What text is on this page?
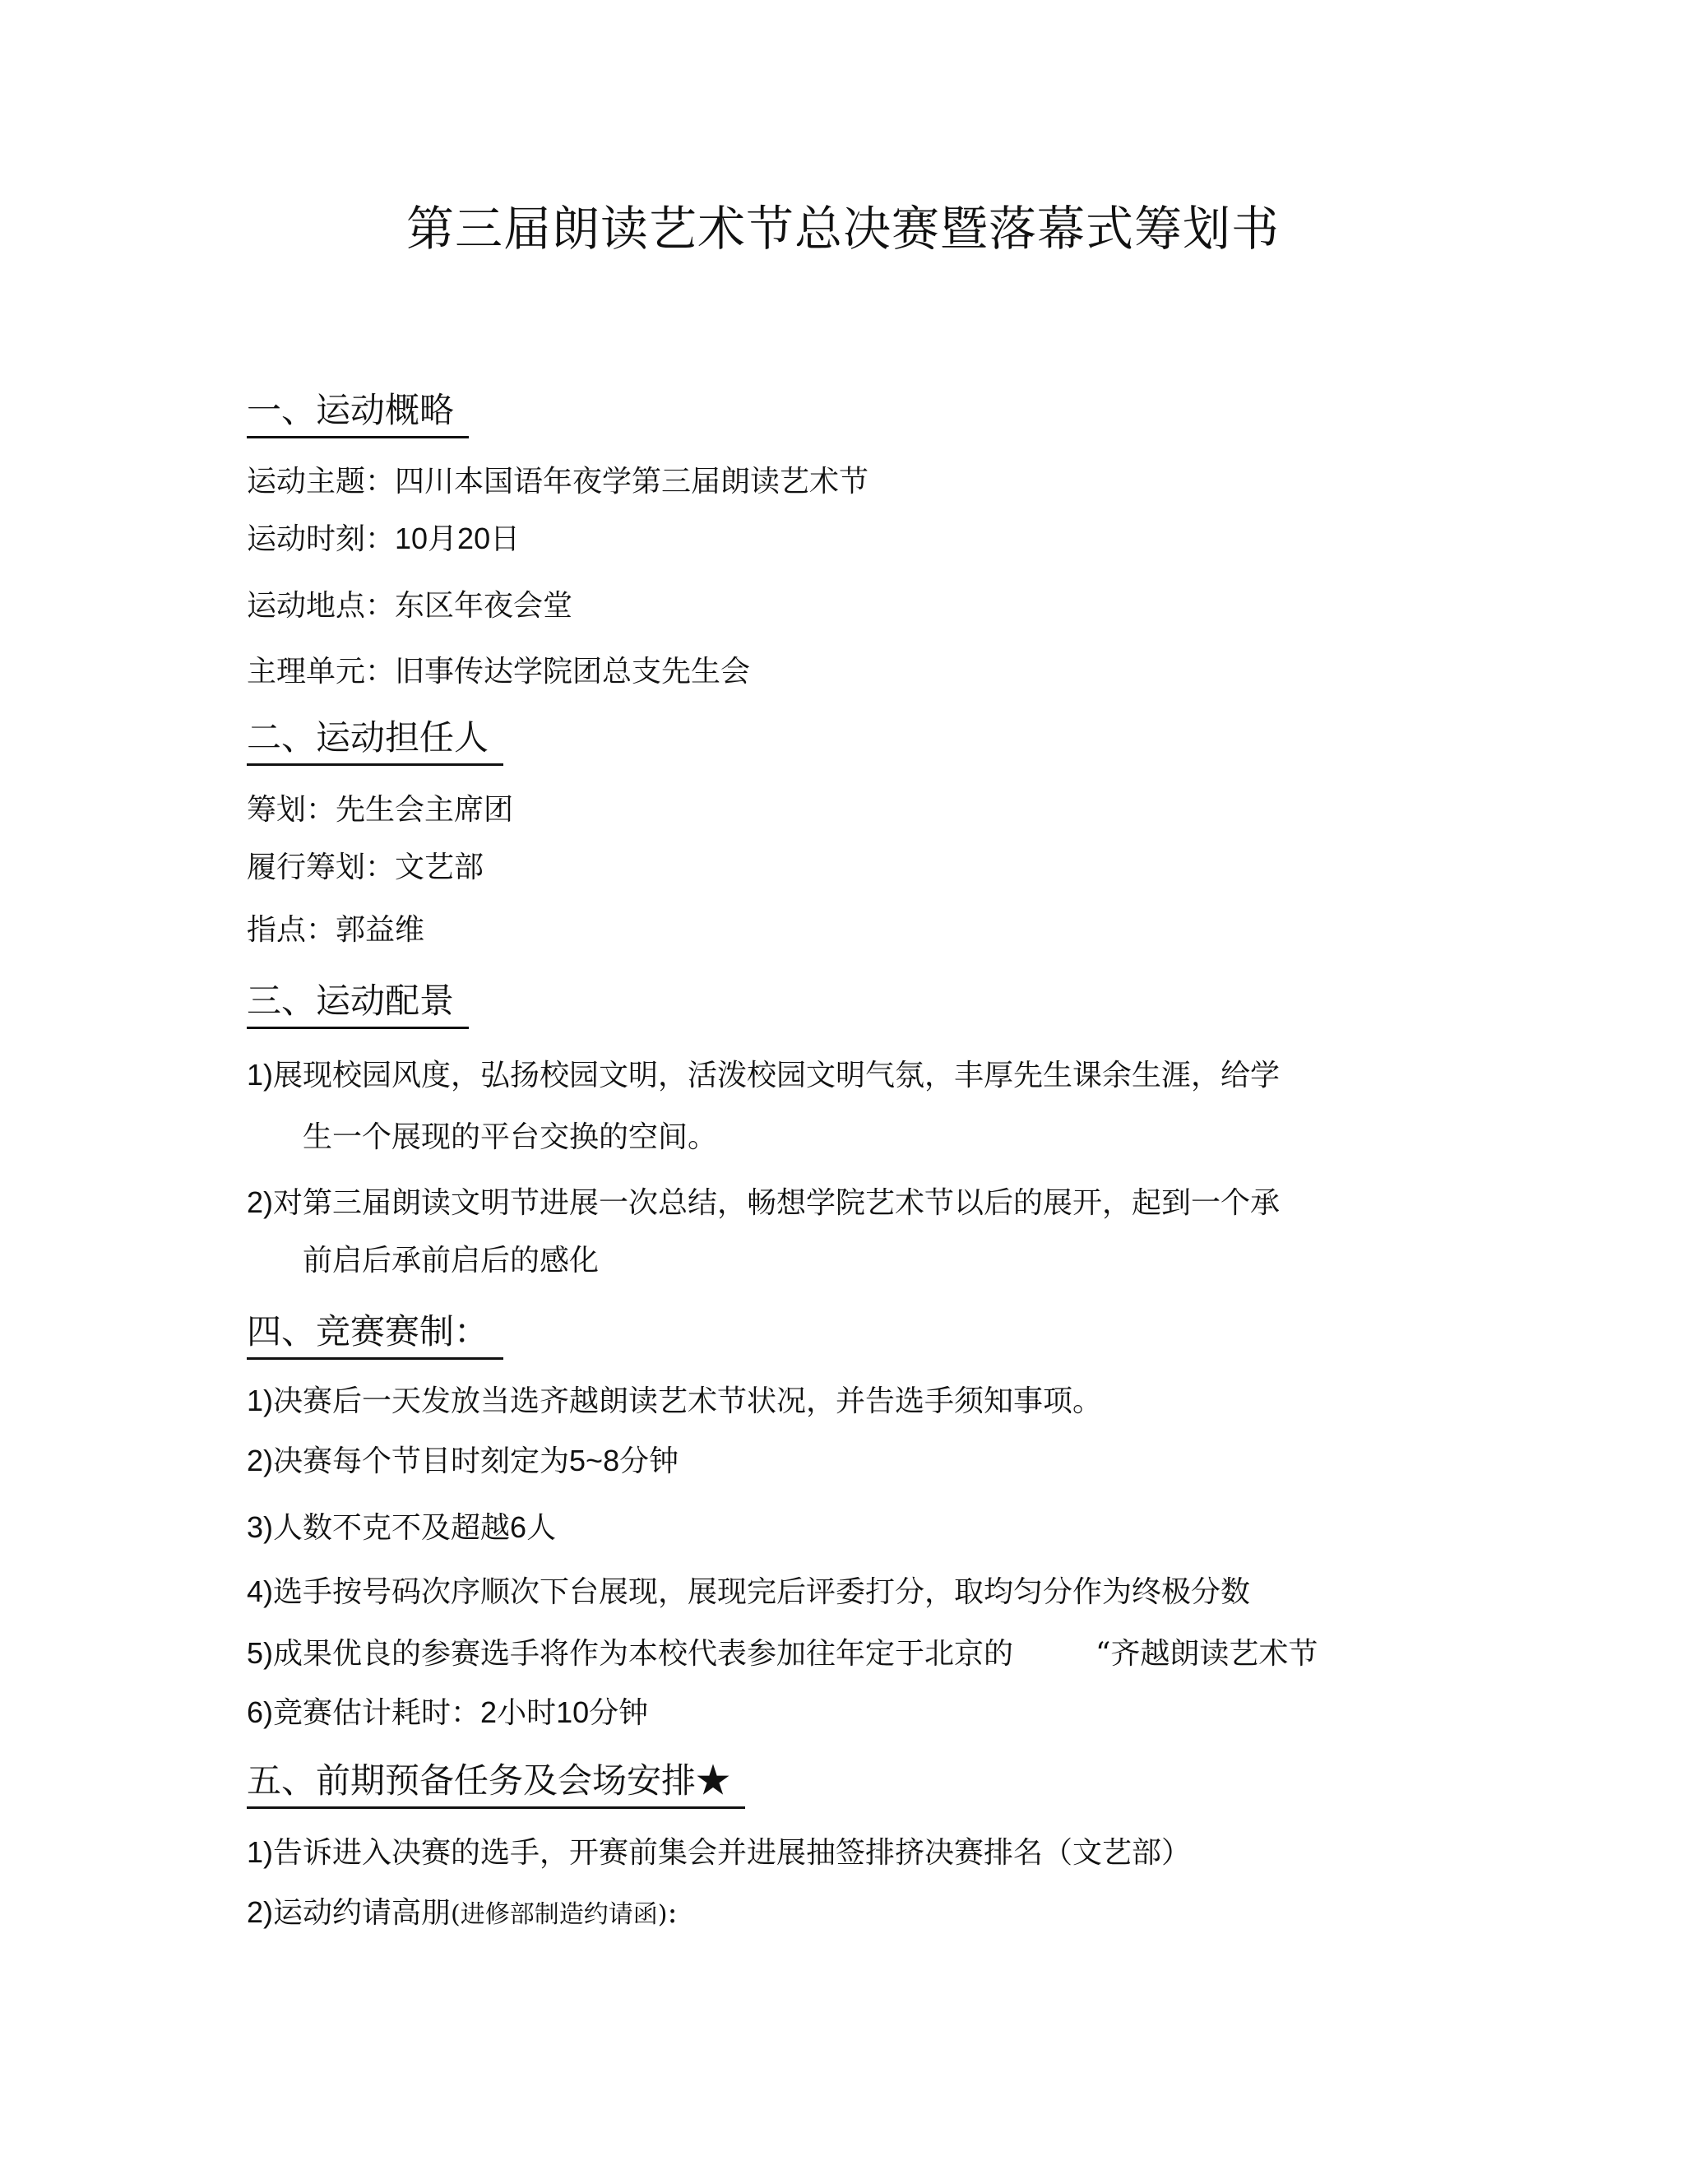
第三届朗读艺术节总决赛暨落幕式筹划书
一、运动概略
运动主题：四川本国语年夜学第三届朗读艺术节
运动时刻：10月20日
运动地点：东区年夜会堂
主理单元：旧事传达学院团总支先生会
二、运动担任人
筹划：先生会主席团
履行筹划：文艺部
指点：郭益维
三、运动配景
1)展现校园风度，弘扬校园文明，活泼校园文明气氛，丰厚先生课余生涯，给学
生一个展现的平台交换的空间。
2)对第三届朗读文明节进展一次总结，畅想学院艺术节以后的展开，起到一个承
前启后承前启后的感化
四、竞赛赛制：
1)决赛后一天发放当选齐越朗读艺术节状况，并告选手须知事项。
2)决赛每个节目时刻定为5~8分钟
3)人数不克不及超越6人
4)选手按号码次序顺次下台展现，展现完后评委打分，取均匀分作为终极分数
5)成果优良的参赛选手将作为本校代表参加往年定于北京的	“齐越朗读艺术节
6)竞赛估计耗时：2小时10分钟
五、前期预备任务及会场安排★
1)告诉进入决赛的选手，开赛前集会并进展抽签排挤决赛排名（文艺部）
2)运动约请高朋(进修部制造约请函):
